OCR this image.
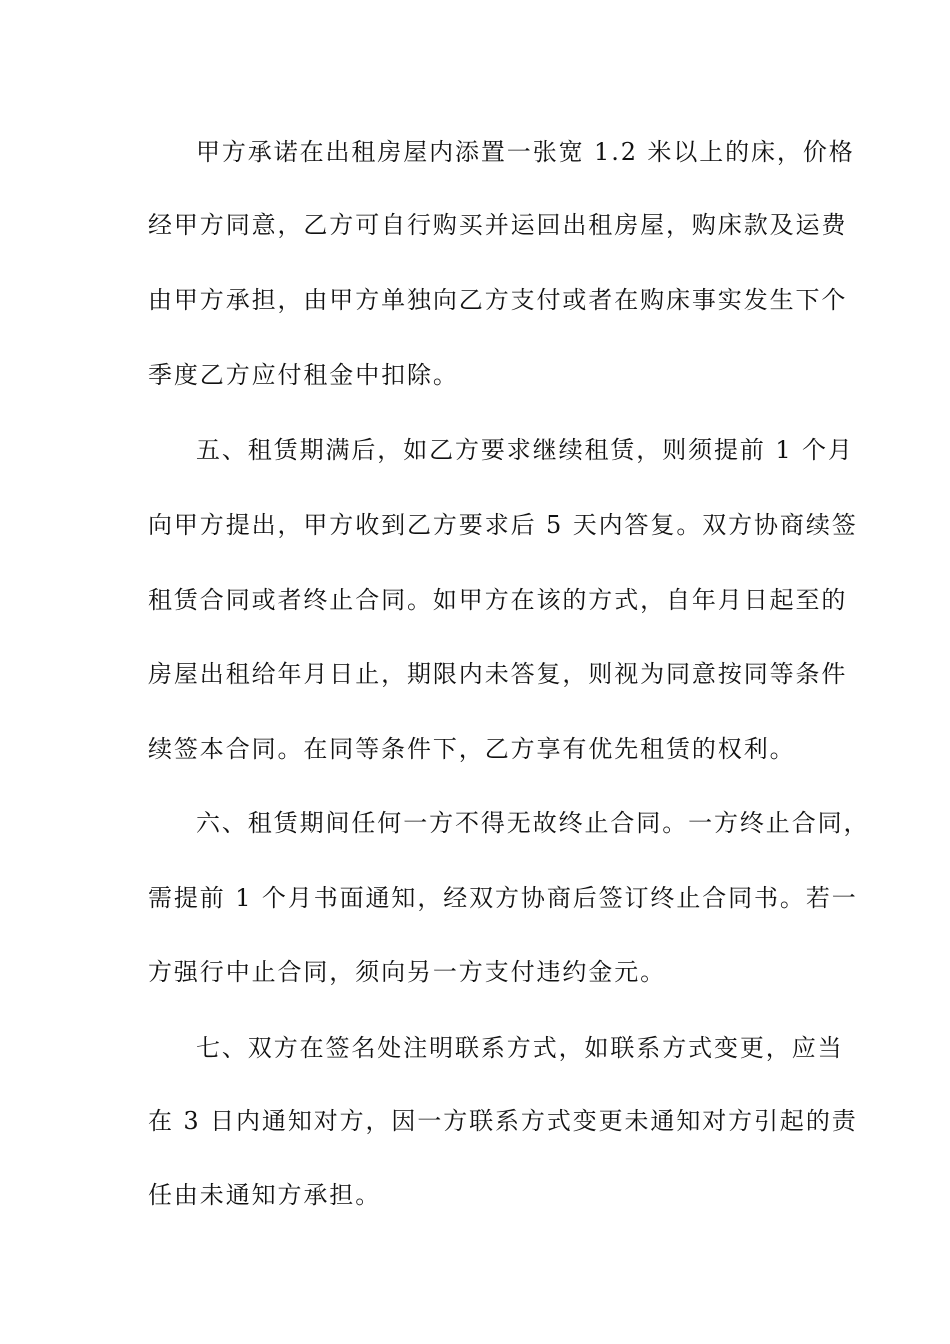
甲方承诺在出租房屋内添置一张宽 1.2 米以上的床，价格
经甲方同意，乙方可自行购买并运回出租房屋，购床款及运费
由甲方承担，由甲方单独向乙方支付或者在购床事实发生下个
季度乙方应付租金中扣除。
五、租赁期满后，如乙方要求继续租赁，则须提前 1 个月
向甲方提出，甲方收到乙方要求后 5 天内答复。双方协商续签
租赁合同或者终止合同。如甲方在该的方式，自年月日起至的
房屋出租给年月日止，期限内未答复，则视为同意按同等条件
续签本合同。在同等条件下，乙方享有优先租赁的权利。
六、租赁期间任何一方不得无故终止合同。一方终止合同，
需提前 1 个月书面通知，经双方协商后签订终止合同书。若一
方强行中止合同，须向另一方支付违约金元。
七、双方在签名处注明联系方式，如联系方式变更，应当
在 3 日内通知对方，因一方联系方式变更未通知对方引起的责
任由未通知方承担。
